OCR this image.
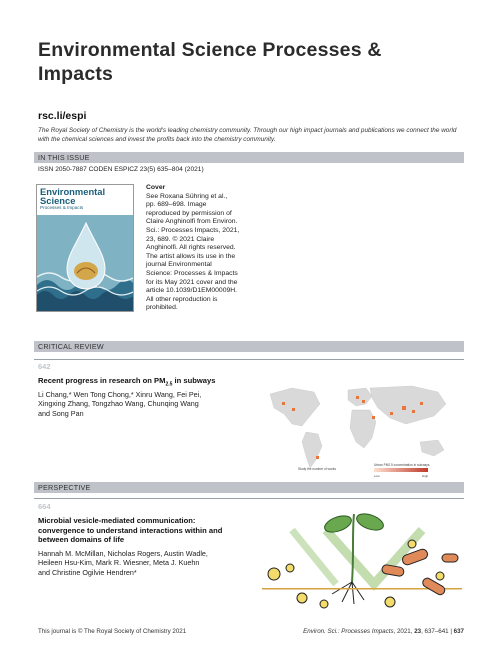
Environmental Science Processes & Impacts
rsc.li/espi
The Royal Society of Chemistry is the world's leading chemistry community. Through our high impact journals and publications we connect the world with the chemical sciences and invest the profits back into the chemistry community.
IN THIS ISSUE
ISSN 2050-7887 CODEN ESPICZ 23(5) 635–804 (2021)
Environmental
Science
Processes & Impacts
Cover
See Roxana Sühring et al.,
pp. 689–698. Image
reproduced by permission of
Claire Anghinolfi from Environ.
Sci.: Processes Impacts, 2021,
23, 689. © 2021 Claire
Anghinolfi. All rights reserved.
The artist allows its use in the
journal Environmental
Science: Processes & Impacts
for its May 2021 cover and the
article 10.1039/D1EM00009H.
All other reproduction is
prohibited.
CRITICAL REVIEW
642
Recent progress in research on $PM_{2.5}$ in subways
Li Chang,* Wen Tong Chong,* Xinru Wang, Fei Pei,
Xingxing Zhang, Tongzhao Wang, Chunqing Wang
and Song Pan
Urban PM2.5 concentration in subways
Low	High
Study the number of works
PERSPECTIVE
664
Microbial vesicle-mediated communication:
convergence to understand interactions within and
between domains of life
Hannah M. McMillan, Nicholas Rogers, Austin Wadle,
Heileen Hsu-Kim, Mark R. Wiesner, Meta J. Kuehn
and Christine Ogilvie Hendren*
This journal is © The Royal Society of Chemistry 2021	Environ. Sci.: Processes Impacts, 2021, 23, 637–641 | 637
